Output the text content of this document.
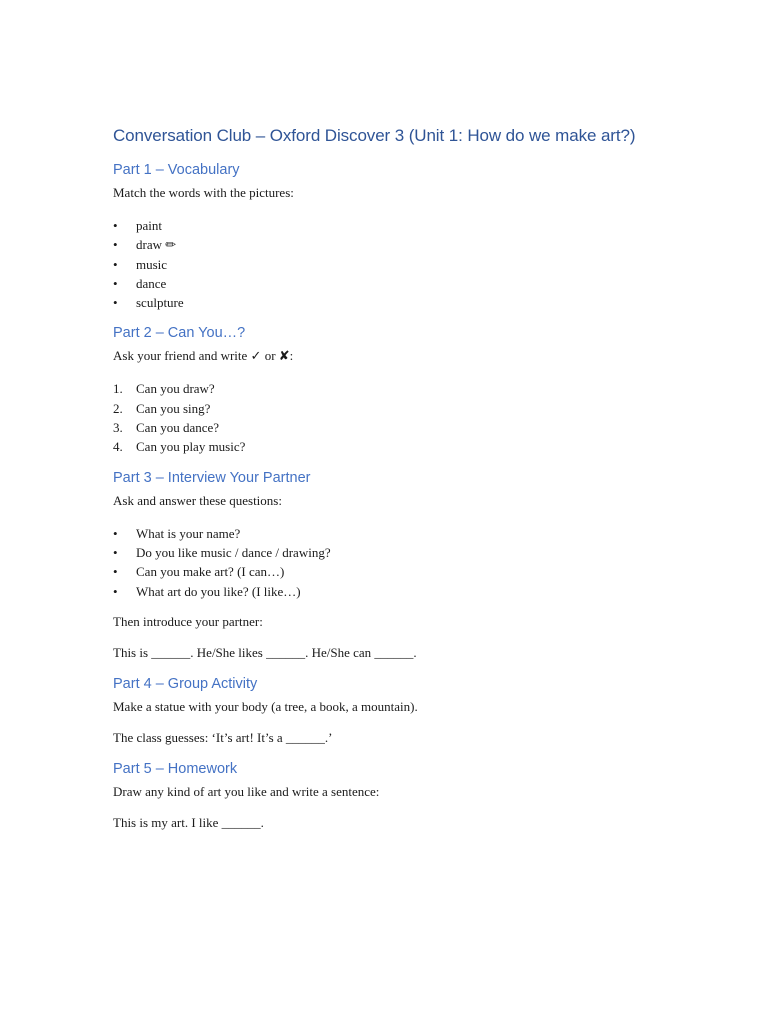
Conversation Club – Oxford Discover 3 (Unit 1: How do we make art?)
Part 1 – Vocabulary

Match the words with the pictures:

• paint
• draw ✏
• music
• dance
• sculpture
Part 2 – Can You…?

Ask your friend and write ✓ or ✘:

1. Can you draw?
2. Can you sing?
3. Can you dance?
4. Can you play music?
Part 3 – Interview Your Partner

Ask and answer these questions:

• What is your name?
• Do you like music / dance / drawing?
• Can you make art? (I can…)
• What art do you like? (I like…)

Then introduce your partner:

This is ______. He/She likes ______. He/She can ______.

Part 4 – Group Activity

Make a statue with your body (a tree, a book, a mountain).

The class guesses: ‘It’s art! It’s a ______.’

Part 5 – Homework

Draw any kind of art you like and write a sentence:

This is my art. I like ______.
